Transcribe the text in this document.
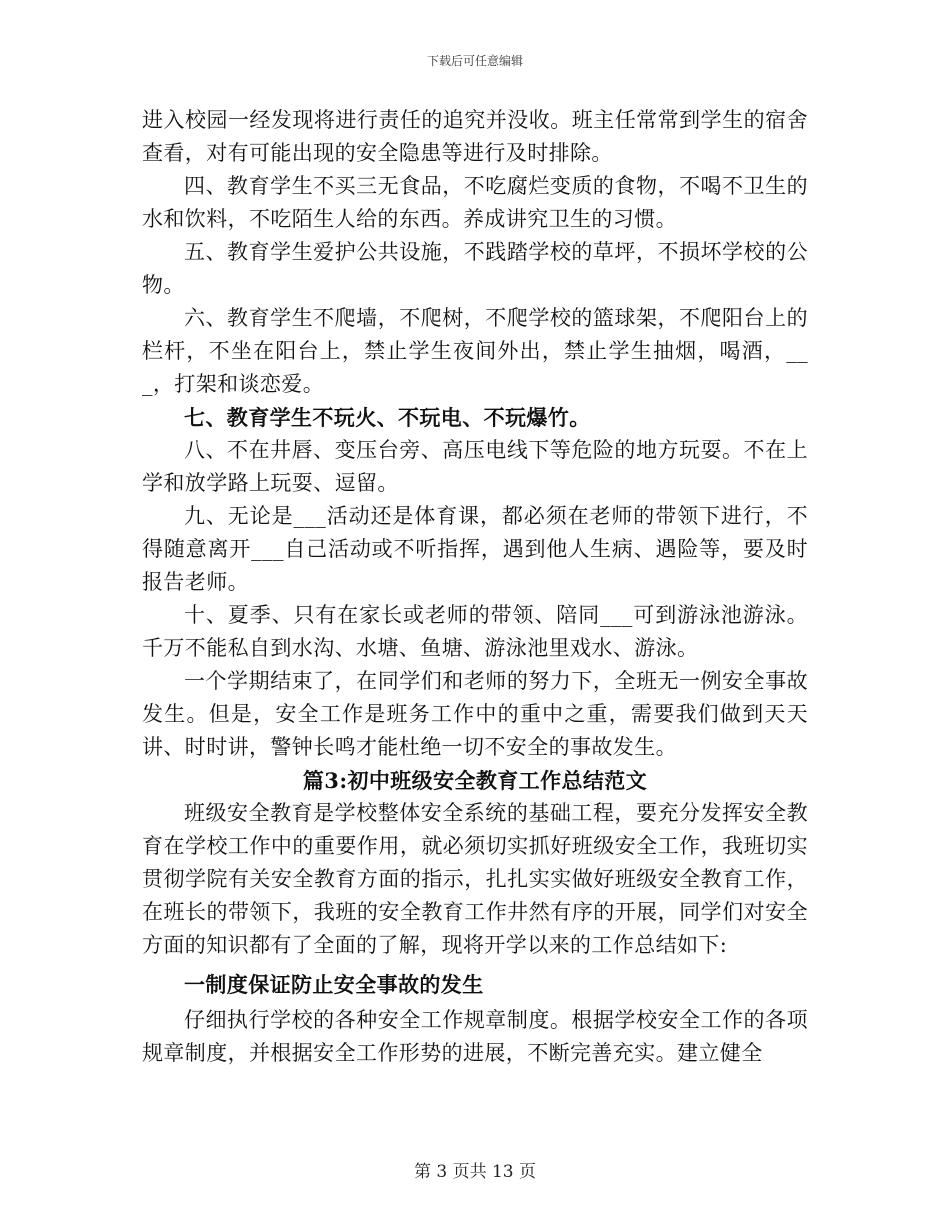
下载后可任意编辑

进入校园一经发现将进行责任的追究并没收。班主任常常到学生的宿舍查看，对有可能出现的安全隐患等进行及时排除。

四、教育学生不买三无食品，不吃腐烂变质的食物，不喝不卫生的水和饮料，不吃陌生人给的东西。养成讲究卫生的习惯。

五、教育学生爱护公共设施，不践踏学校的草坪，不损坏学校的公物。

六、教育学生不爬墙，不爬树，不爬学校的篮球架，不爬阳台上的栏杆，不坐在阳台上，禁止学生夜间外出，禁止学生抽烟，喝酒，___，打架和谈恋爱。

七、教育学生不玩火、不玩电、不玩爆竹。

八、不在井唇、变压台旁、高压电线下等危险的地方玩耍。不在上学和放学路上玩耍、逗留。

九、无论是___活动还是体育课，都必须在老师的带领下进行，不得随意离开___自己活动或不听指挥，遇到他人生病、遇险等，要及时报告老师。

十、夏季、只有在家长或老师的带领、陪同___可到游泳池游泳。千万不能私自到水沟、水塘、鱼塘、游泳池里戏水、游泳。

一个学期结束了，在同学们和老师的努力下，全班无一例安全事故发生。但是，安全工作是班务工作中的重中之重，需要我们做到天天讲、时时讲，警钟长鸣才能杜绝一切不安全的事故发生。

篇3:初中班级安全教育工作总结范文

班级安全教育是学校整体安全系统的基础工程，要充分发挥安全教育在学校工作中的重要作用，就必须切实抓好班级安全工作，我班切实贯彻学院有关安全教育方面的指示，扎扎实实做好班级安全教育工作，在班长的带领下，我班的安全教育工作井然有序的开展，同学们对安全方面的知识都有了全面的了解，现将开学以来的工作总结如下:

一制度保证防止安全事故的发生

仔细执行学校的各种安全工作规章制度。根据学校安全工作的各项规章制度，并根据安全工作形势的进展，不断完善充实。建立健全

第 3 页共 13 页
